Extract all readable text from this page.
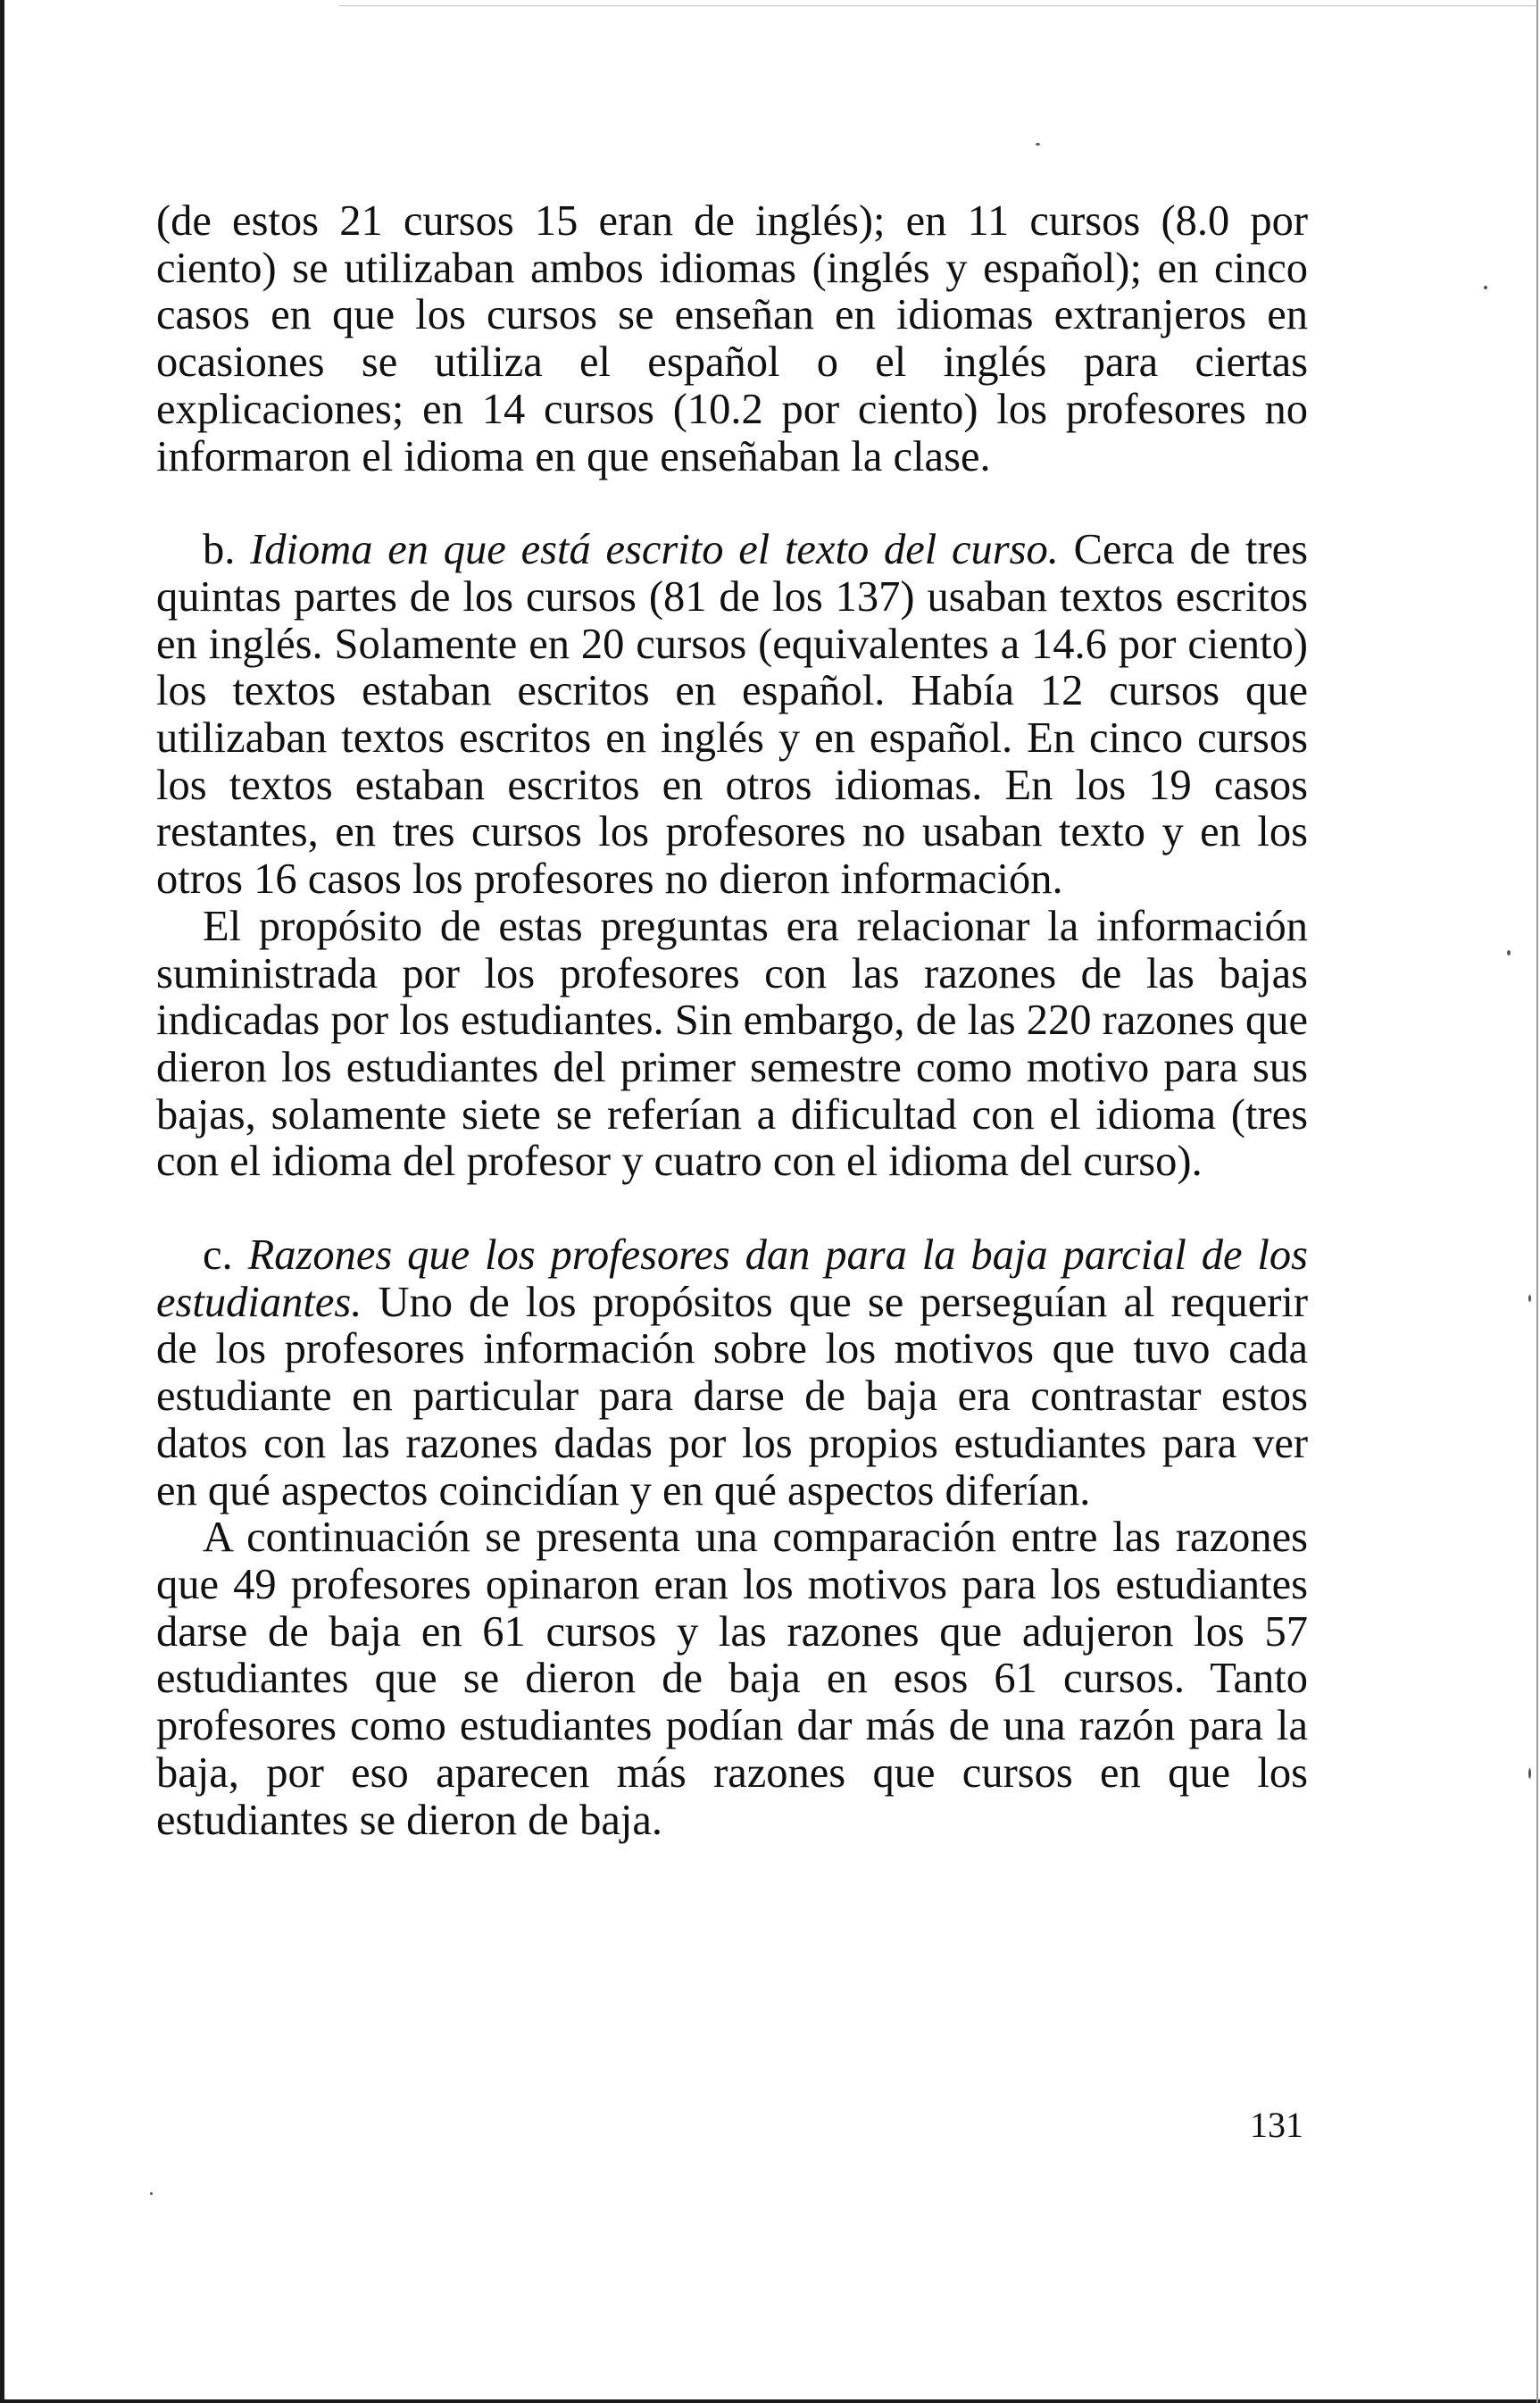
(de estos 21 cursos 15 eran de inglés); en 11 cursos (8.0 por ciento) se utilizaban ambos idiomas (inglés y español); en cinco casos en que los cursos se enseñan en idiomas extranjeros en ocasiones se utiliza el español o el inglés para ciertas explicaciones; en 14 cursos (10.2 por ciento) los profesores no informaron el idioma en que enseñaban la clase.

b. Idioma en que está escrito el texto del curso. Cerca de tres quintas partes de los cursos (81 de los 137) usaban textos escritos en inglés. Solamente en 20 cursos (equivalentes a 14.6 por ciento) los textos estaban escritos en español. Había 12 cursos que utilizaban textos escritos en inglés y en español. En cinco cursos los textos estaban escritos en otros idiomas. En los 19 casos restantes, en tres cursos los profesores no usaban texto y en los otros 16 casos los profesores no dieron información.

El propósito de estas preguntas era relacionar la información suministrada por los profesores con las razones de las bajas indicadas por los estudiantes. Sin embargo, de las 220 razones que dieron los estudiantes del primer semestre como motivo para sus bajas, solamente siete se referían a dificultad con el idioma (tres con el idioma del profesor y cuatro con el idioma del curso).

c. Razones que los profesores dan para la baja parcial de los estudiantes. Uno de los propósitos que se perseguían al requerir de los profesores información sobre los motivos que tuvo cada estudiante en particular para darse de baja era contrastar estos datos con las razones dadas por los propios estudiantes para ver en qué aspectos coincidían y en qué aspectos diferían.

A continuación se presenta una comparación entre las razones que 49 profesores opinaron eran los motivos para los estudiantes darse de baja en 61 cursos y las razones que adujeron los 57 estudiantes que se dieron de baja en esos 61 cursos. Tanto profesores como estudiantes podían dar más de una razón para la baja, por eso aparecen más razones que cursos en que los estudiantes se dieron de baja.

131
